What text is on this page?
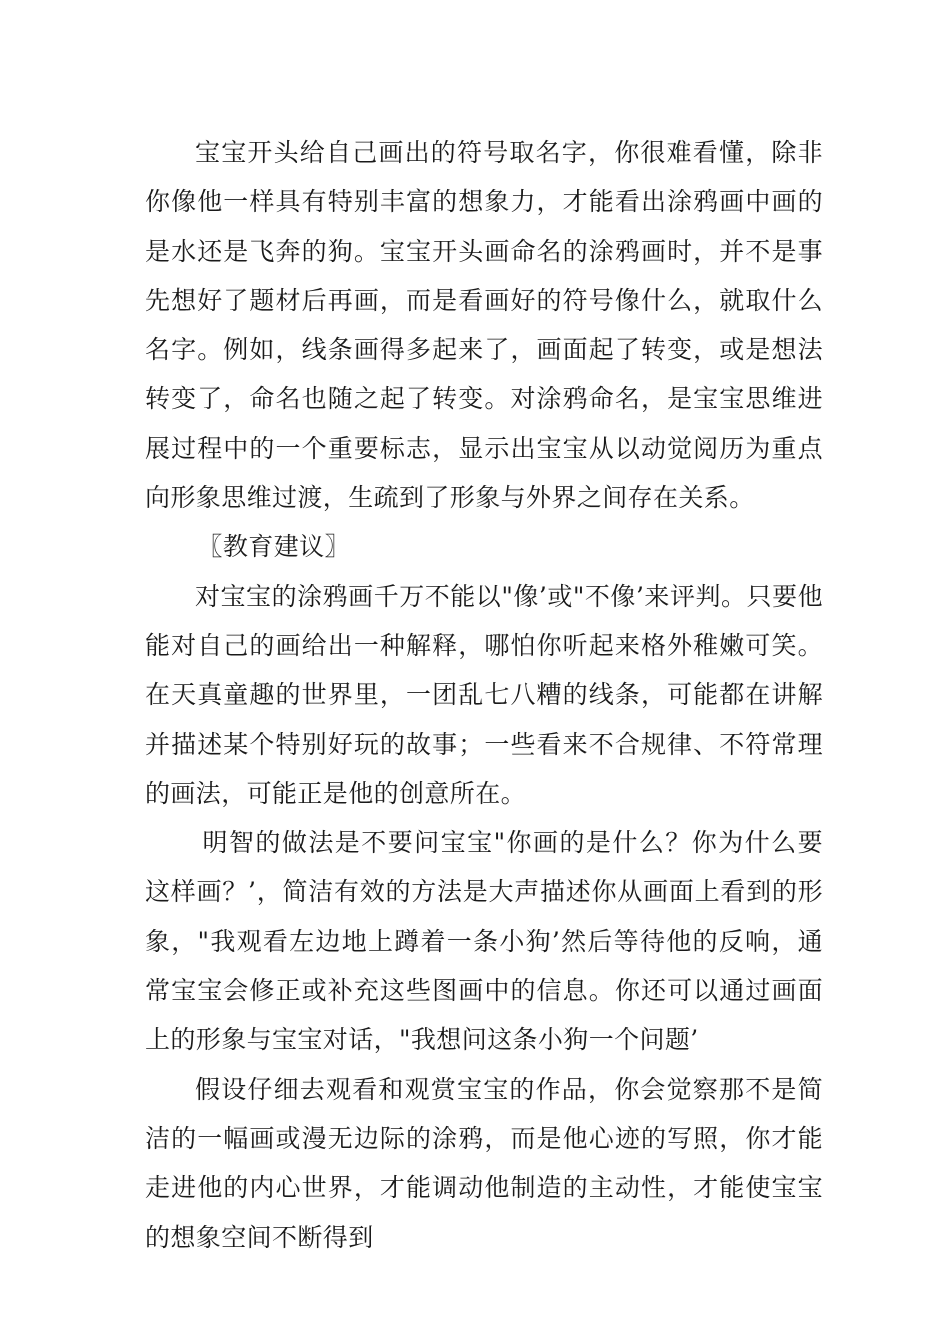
宝宝开头给自己画出的符号取名字，你很难看懂，除非你像他一样具有特别丰富的想象力，才能看出涂鸦画中画的是水还是飞奔的狗。宝宝开头画命名的涂鸦画时，并不是事先想好了题材后再画，而是看画好的符号像什么，就取什么名字。例如，线条画得多起来了，画面起了转变，或是想法转变了，命名也随之起了转变。对涂鸦命名，是宝宝思维进展过程中的一个重要标志，显示出宝宝从以动觉阅历为重点向形象思维过渡，生疏到了形象与外界之间存在关系。

〖教育建议〗

对宝宝的涂鸦画千万不能以"像’或"不像’来评判。只要他能对自己的画给出一种解释，哪怕你听起来格外稚嫩可笑。在天真童趣的世界里，一团乱七八糟的线条，可能都在讲解并描述某个特别好玩的故事；一些看来不合规律、不符常理的画法，可能正是他的创意所在。

明智的做法是不要问宝宝"你画的是什么？你为什么要这样画？’，简洁有效的方法是大声描述你从画面上看到的形象，"我观看左边地上蹲着一条小狗’然后等待他的反响，通常宝宝会修正或补充这些图画中的信息。你还可以通过画面上的形象与宝宝对话，"我想问这条小狗一个问题’

假设仔细去观看和观赏宝宝的作品，你会觉察那不是简洁的一幅画或漫无边际的涂鸦，而是他心迹的写照，你才能走进他的内心世界，才能调动他制造的主动性，才能使宝宝的想象空间不断得到
